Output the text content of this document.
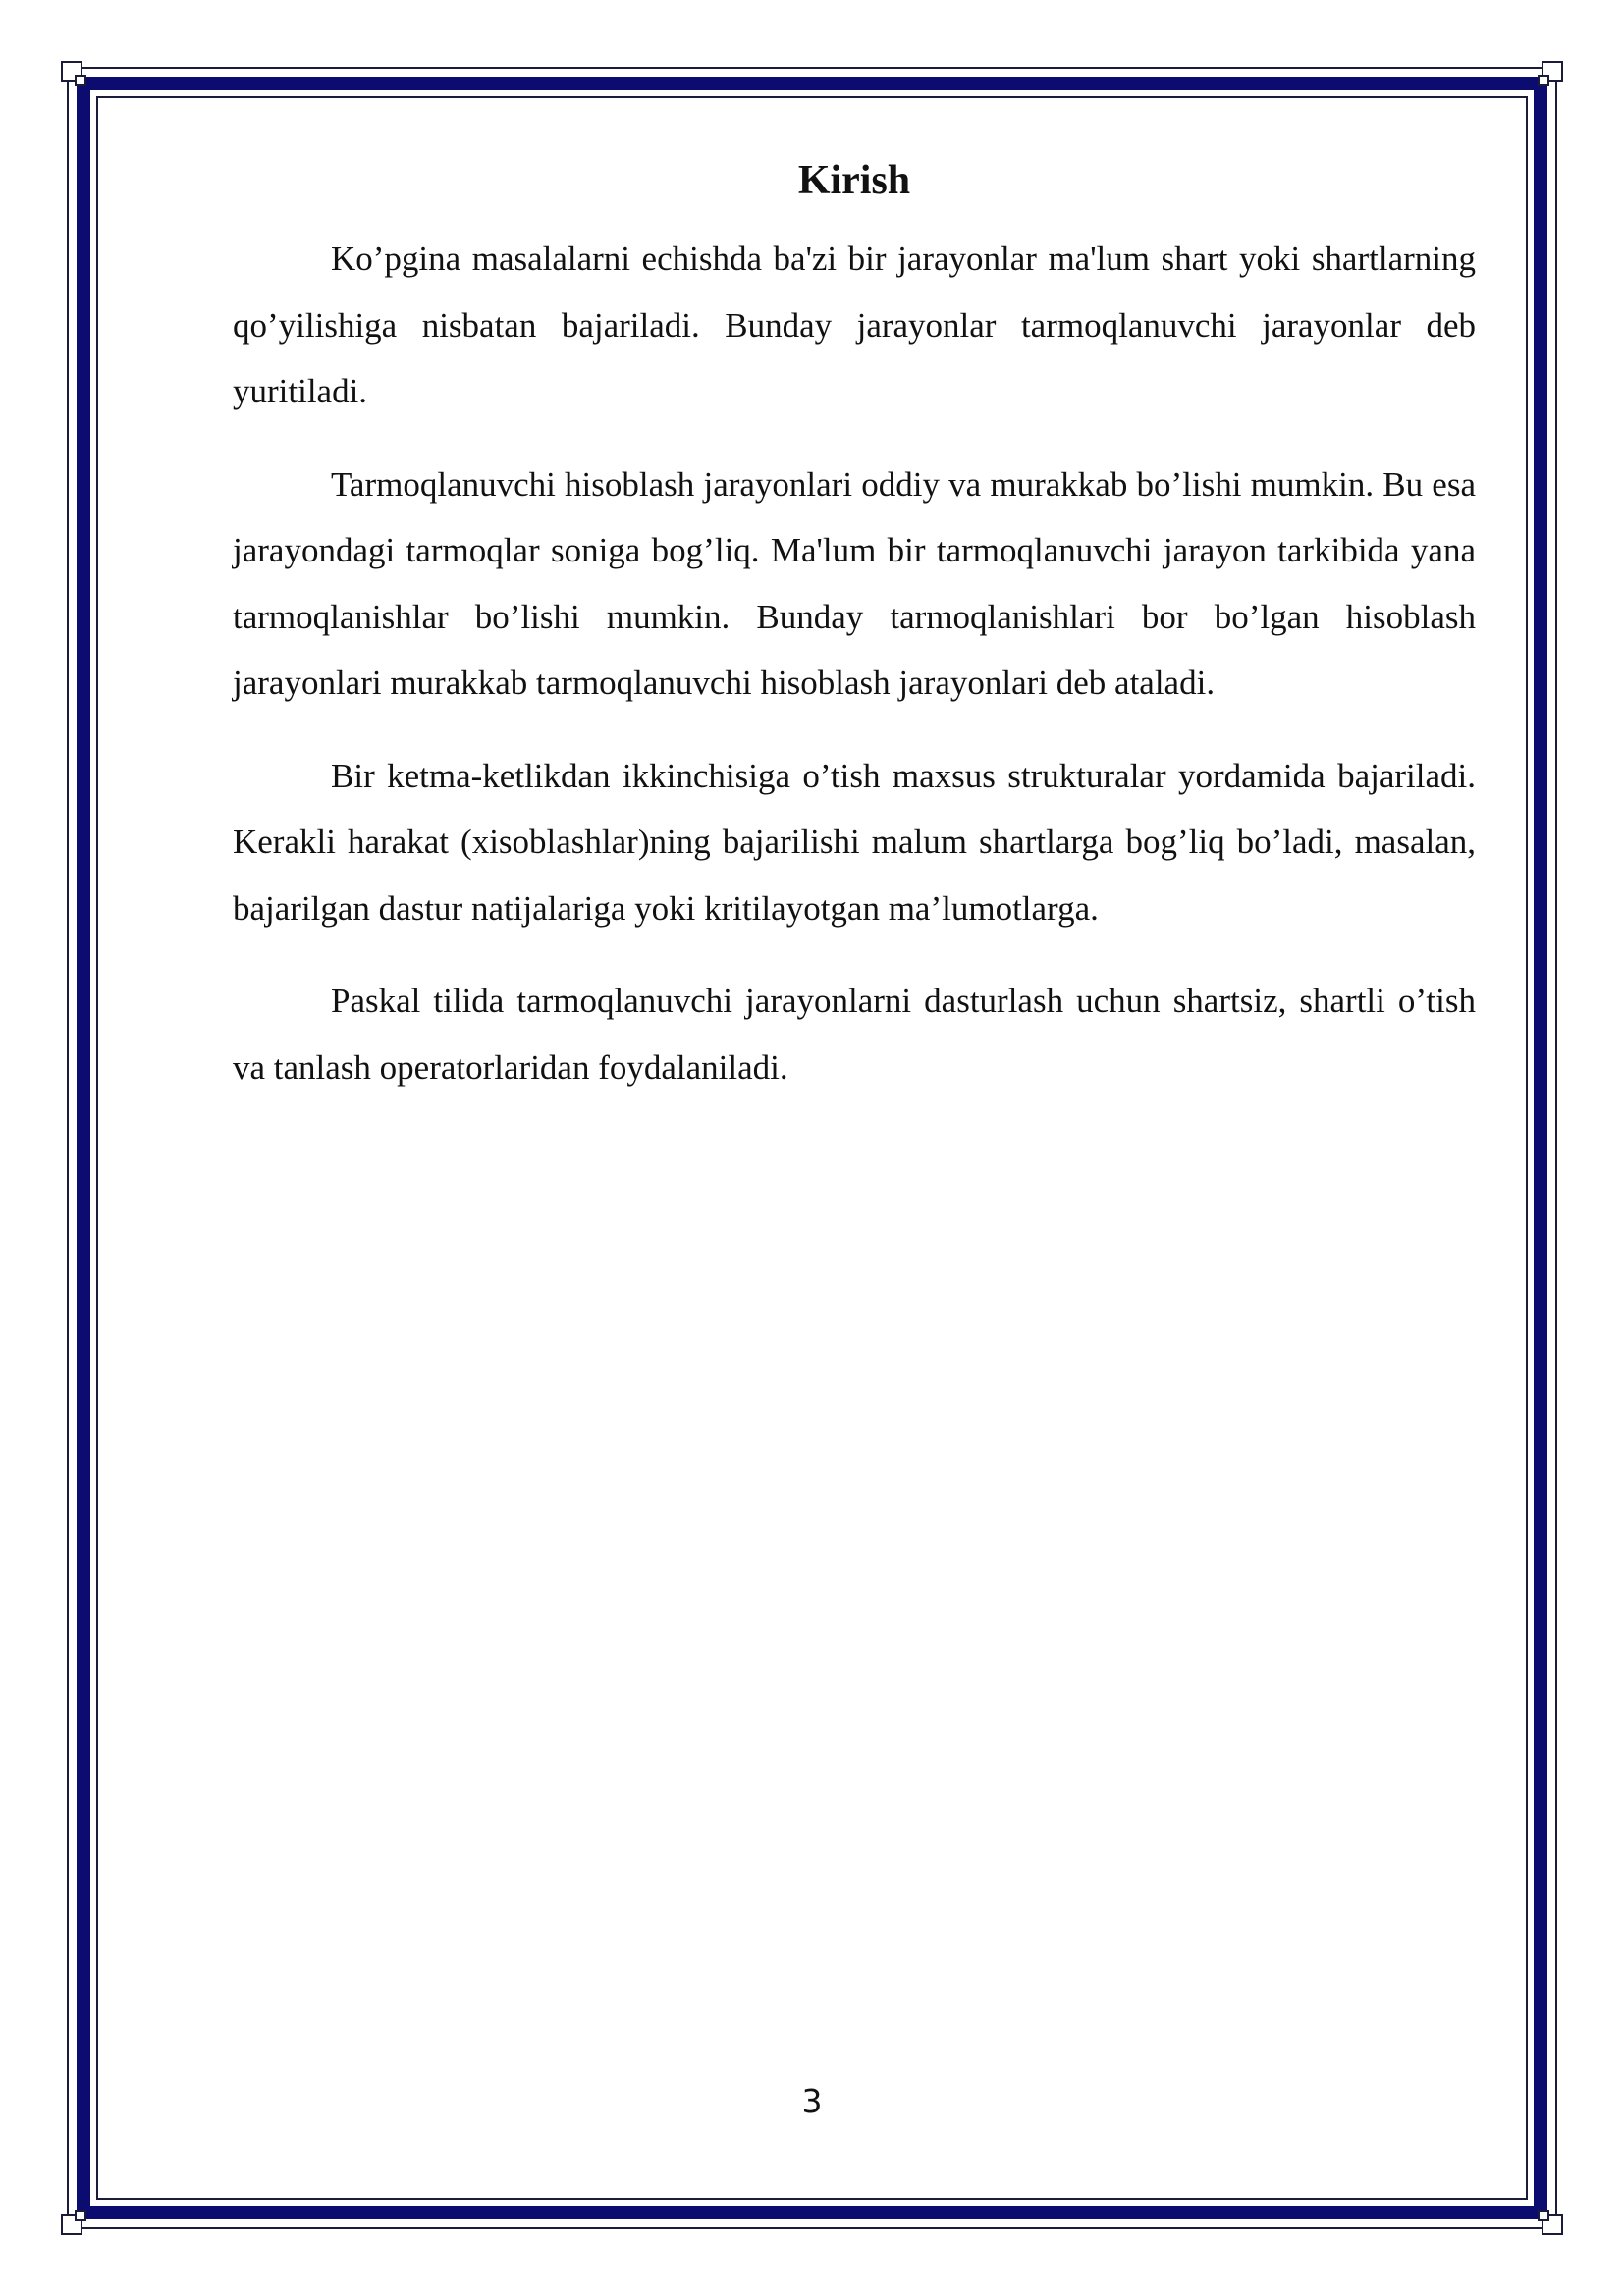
Kirish

Ko’pgina masalalarni echishda ba'zi bir jarayonlar ma'lum shart yoki shartlarning qo’yilishiga nisbatan bajariladi. Bunday jarayonlar tarmoqlanuvchi jarayonlar deb yuritiladi.

Tarmoqlanuvchi hisoblash jarayonlari oddiy va murakkab bo’lishi mumkin. Bu esa jarayondagi tarmoqlar soniga bog’liq. Ma'lum bir tarmoqlanuvchi jarayon tarkibida yana tarmoqlanishlar bo’lishi mumkin. Bunday tarmoqlanishlari bor bo’lgan hisoblash jarayonlari murakkab tarmoqlanuvchi hisoblash jarayonlari deb ataladi.

Bir ketma-ketlikdan ikkinchisiga o’tish maxsus strukturalar yordamida bajariladi. Kerakli harakat (xisoblashlar)ning bajarilishi malum shartlarga bog’liq bo’ladi, masalan, bajarilgan dastur natijalariga yoki kritilayotgan ma’lumotlarga.

Paskal tilida tarmoqlanuvchi jarayonlarni dasturlash uchun shartsiz, shartli o’tish va tanlash operatorlaridan foydalaniladi.

3
